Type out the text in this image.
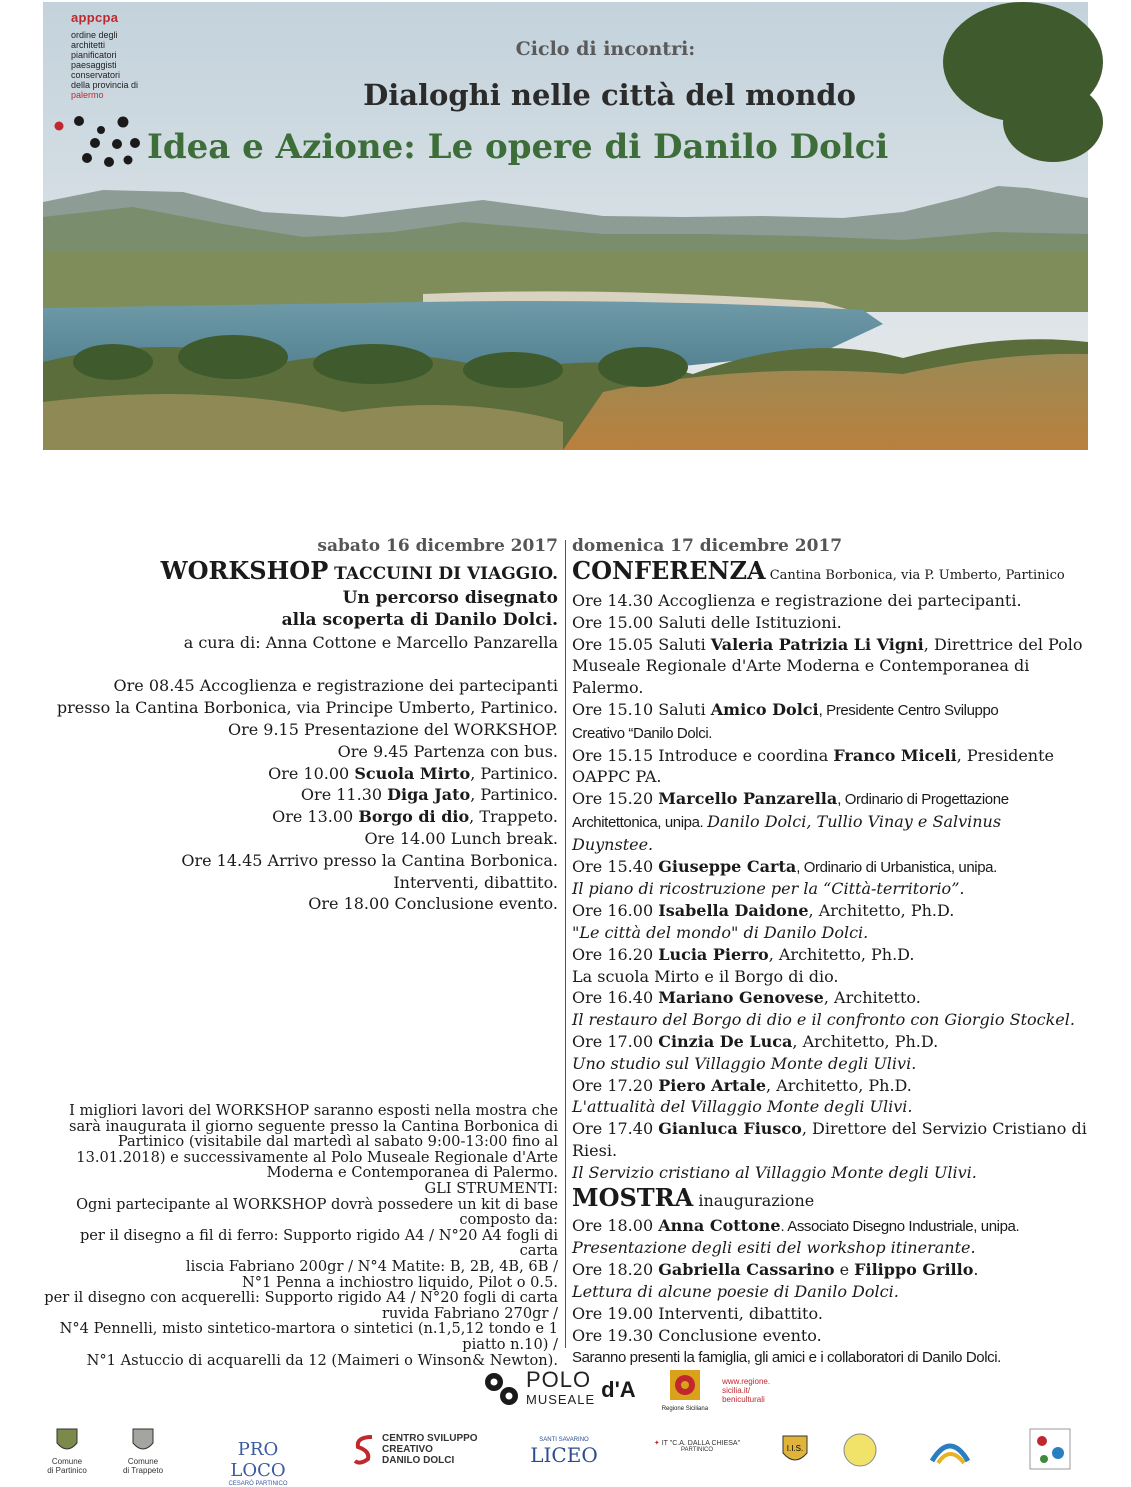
appcpa
ordine degli
architetti
pianificatori
paesaggisti
conservatori
della provincia di
palermo
Ciclo di incontri:
Dialoghi nelle città del mondo
Idea e Azione: Le opere di Danilo Dolci
sabato 16 dicembre 2017
WORKSHOP TACCUINI DI VIAGGIO.
Un percorso disegnato
alla scoperta di Danilo Dolci.
a cura di: Anna Cottone e Marcello Panzarella
Ore 08.45 Accoglienza e registrazione dei partecipanti
presso la Cantina Borbonica, via Principe Umberto, Partinico.
Ore 9.15 Presentazione del WORKSHOP.
Ore 9.45 Partenza con bus.
Ore 10.00 Scuola Mirto, Partinico.
Ore 11.30 Diga Jato, Partinico.
Ore 13.00 Borgo di dio, Trappeto.
Ore 14.00 Lunch break.
Ore 14.45 Arrivo presso la Cantina Borbonica.
Interventi, dibattito.
Ore 18.00 Conclusione evento.
I migliori lavori del WORKSHOP saranno esposti nella mostra che
sarà inaugurata il giorno seguente presso la Cantina Borbonica di
Partinico (visitabile dal martedì al sabato 9:00-13:00 fino al
13.01.2018) e successivamente al Polo Museale Regionale d'Arte
Moderna e Contemporanea di Palermo.
GLI STRUMENTI:
Ogni partecipante al WORKSHOP dovrà possedere un kit di base
composto da:
per il disegno a fil di ferro: Supporto rigido A4 / N°20 A4 fogli di carta
liscia Fabriano 200gr / N°4 Matite: B, 2B, 4B, 6B /
N°1 Penna a inchiostro liquido, Pilot o 0.5.
per il disegno con acquerelli: Supporto rigido A4 / N°20 fogli di carta
ruvida Fabriano 270gr /
N°4 Pennelli, misto sintetico-martora o sintetici (n.1,5,12 tondo e 1
piatto n.10) /
N°1 Astuccio di acquarelli da 12 (Maimeri o Winson& Newton).
domenica 17 dicembre 2017
CONFERENZA Cantina Borbonica, via P. Umberto, Partinico
Ore 14.30 Accoglienza e registrazione dei partecipanti.
Ore 15.00 Saluti delle Istituzioni.
Ore 15.05 Saluti Valeria Patrizia Li Vigni, Direttrice del Polo
Museale Regionale d'Arte Moderna e Contemporanea di Palermo.
Ore 15.10 Saluti Amico Dolci, Presidente Centro Sviluppo
Creativo “Danilo Dolci.
Ore 15.15 Introduce e coordina Franco Miceli, Presidente
OAPPC PA.
Ore 15.20 Marcello Panzarella, Ordinario di Progettazione
Architettonica, unipa. Danilo Dolci, Tullio Vinay e Salvinus
Duynstee.
Ore 15.40 Giuseppe Carta, Ordinario di Urbanistica, unipa.
Il piano di ricostruzione per la “Città-territorio”.
Ore 16.00 Isabella Daidone, Architetto, Ph.D.
"Le città del mondo" di Danilo Dolci.
Ore 16.20 Lucia Pierro, Architetto, Ph.D.
La scuola Mirto e il Borgo di dio.
Ore 16.40 Mariano Genovese, Architetto.
Il restauro del Borgo di dio e il confronto con Giorgio Stockel.
Ore 17.00 Cinzia De Luca, Architetto, Ph.D.
Uno studio sul Villaggio Monte degli Ulivi.
Ore 17.20 Piero Artale, Architetto, Ph.D.
L'attualità del Villaggio Monte degli Ulivi.
Ore 17.40 Gianluca Fiusco, Direttore del Servizio Cristiano di
Riesi.
Il Servizio cristiano al Villaggio Monte degli Ulivi.
MOSTRA inaugurazione
Ore 18.00 Anna Cottone. Associato Disegno Industriale, unipa.
Presentazione degli esiti del workshop itinerante.
Ore 18.20 Gabriella Cassarino e Filippo Grillo.
Lettura di alcune poesie di Danilo Dolci.
Ore 19.00 Interventi, dibattito.
Ore 19.30 Conclusione evento.
Saranno presenti la famiglia, gli amici e i collaboratori di Danilo Dolci.
POLO
MUSEALE d'A
Regione Siciliana
www.regione.
sicilia.it/
beniculturali
Comune
di Partinico
Comune
di Trappeto
PRO LOCO
CESARÒ PARTINICO
CENTRO SVILUPPO
CREATIVO
DANILO DOLCI
SANTI SAVARINO
LICEO	✦ IT "C.A. DALLA CHIESA"
PARTINICO	I.I.S.
